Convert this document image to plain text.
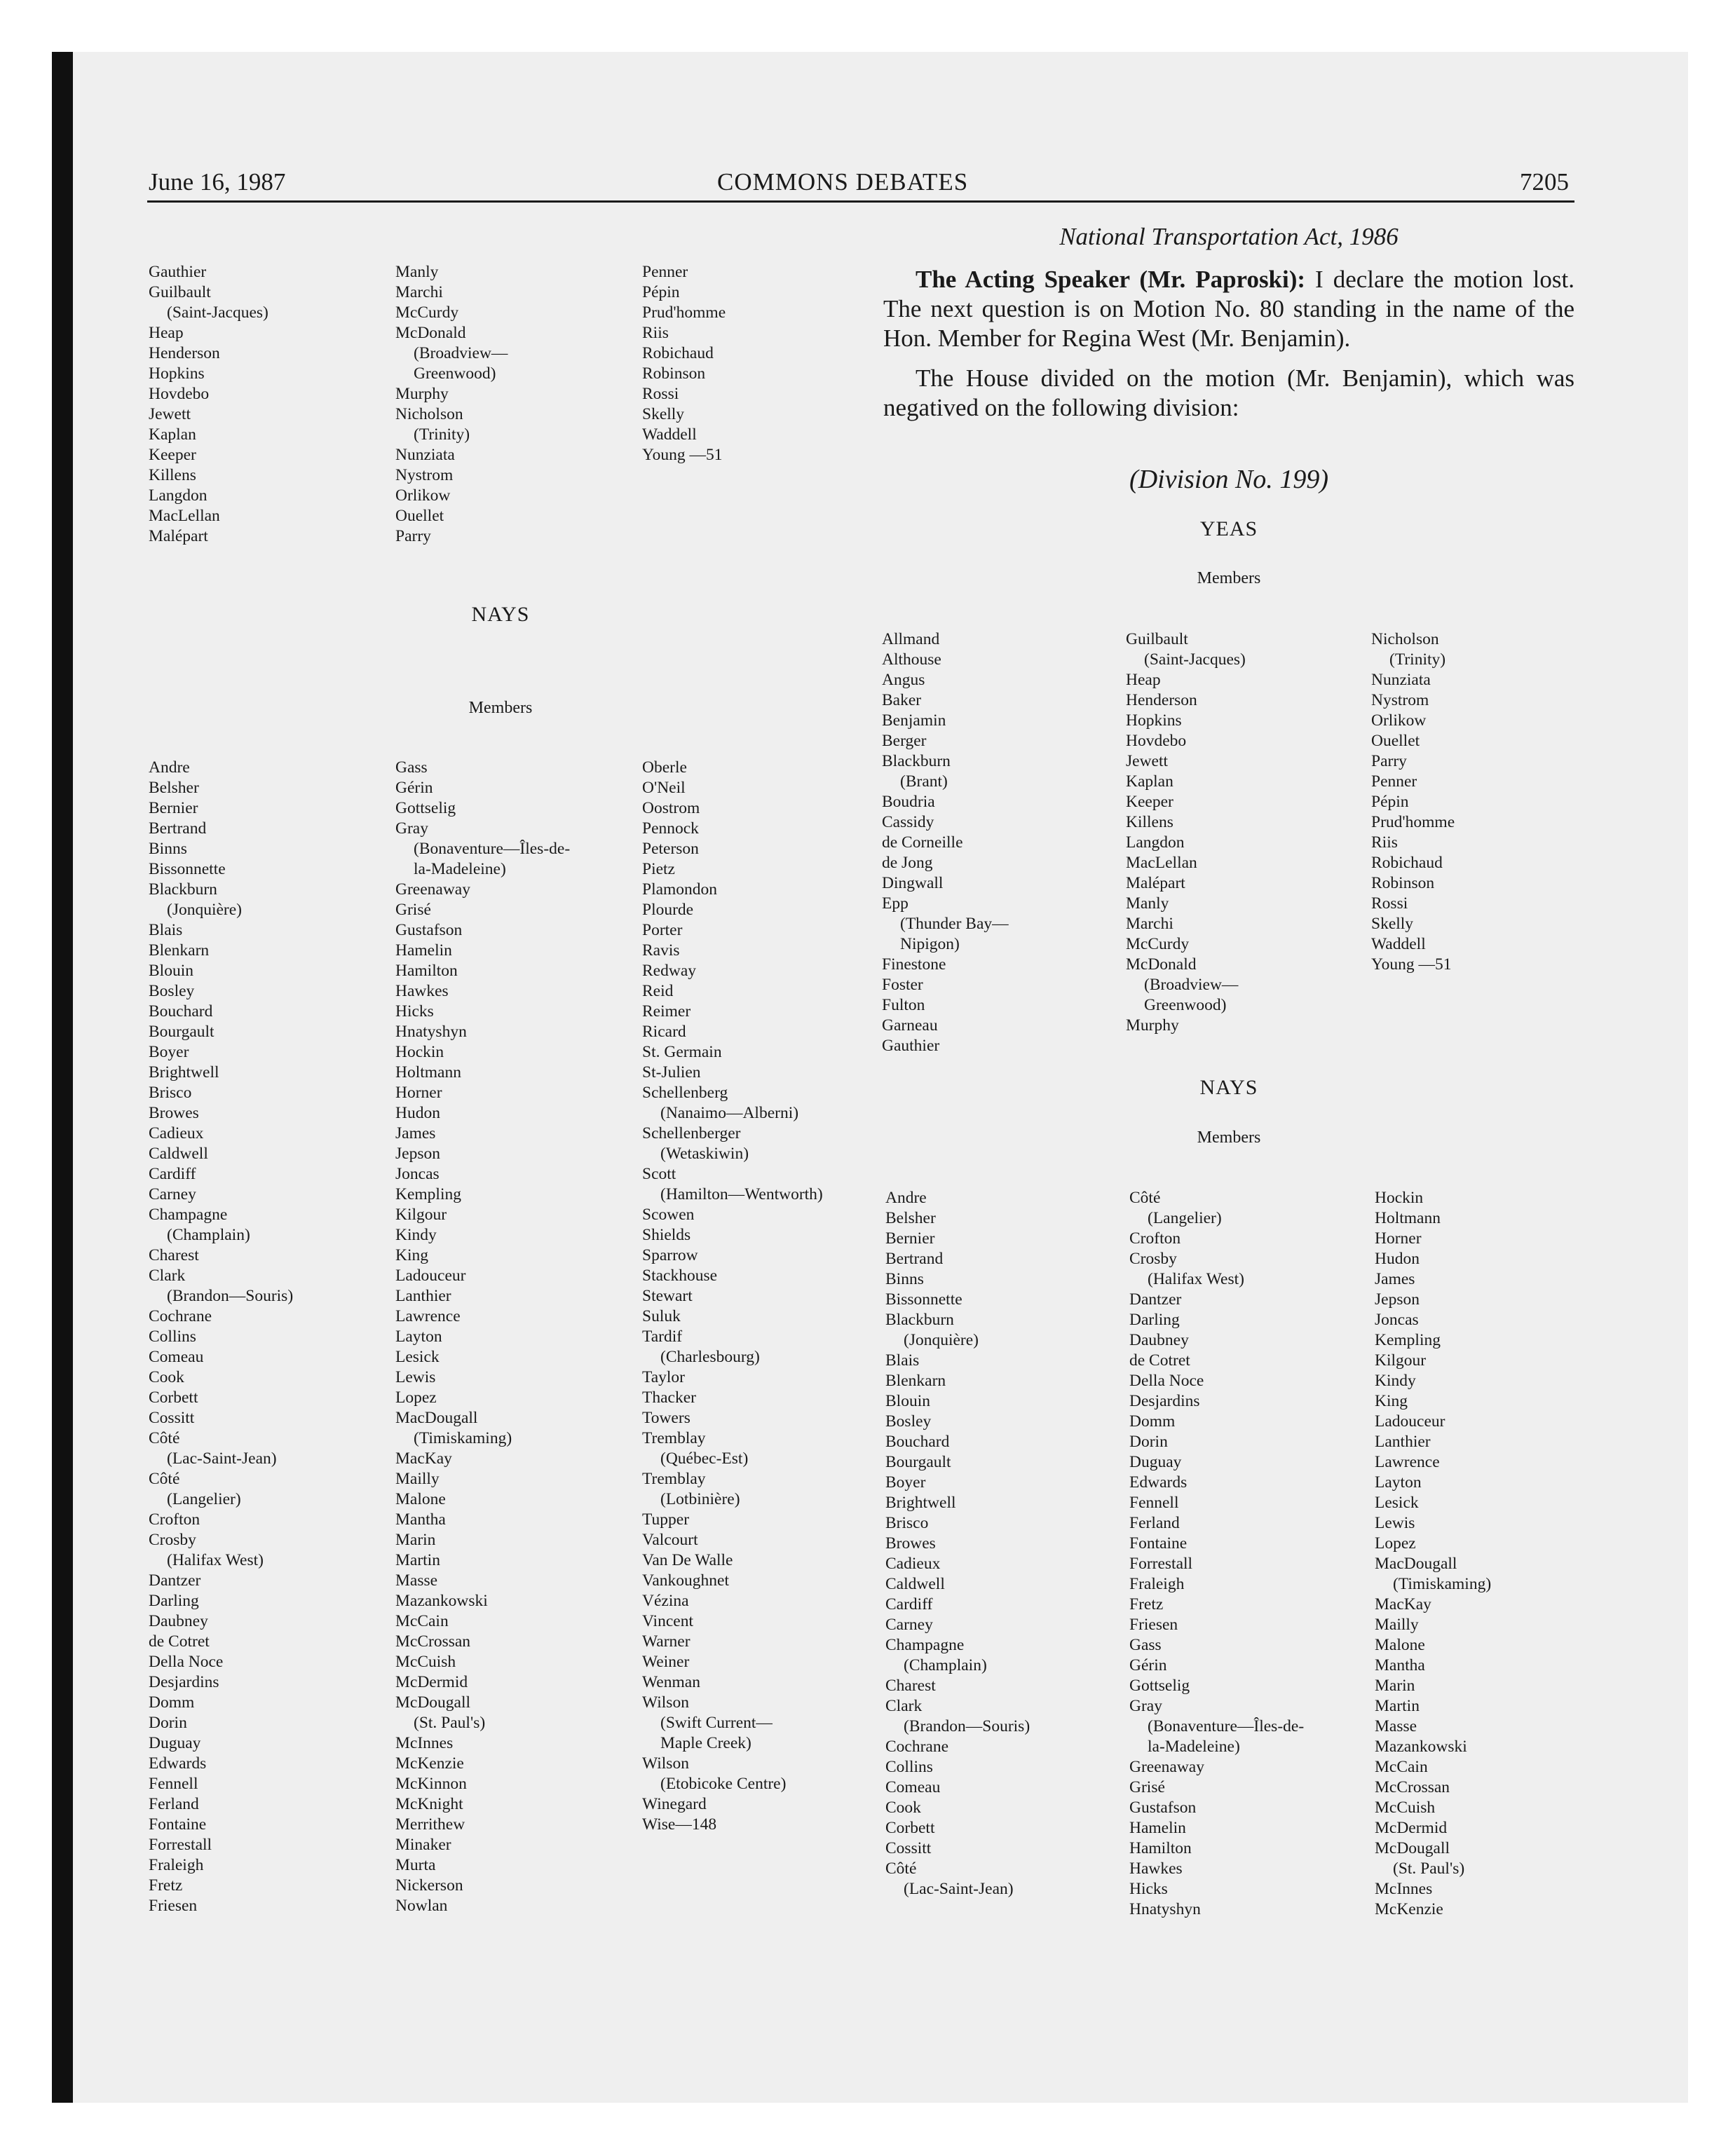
June 16, 1987	COMMONS DEBATES	7205
Gauthier
Guilbault
(Saint-Jacques)
Heap
Henderson
Hopkins
Hovdebo
Jewett
Kaplan
Keeper
Killens
Langdon
MacLellan
Malépart
Manly
Marchi
McCurdy
McDonald
(Broadview—
Greenwood)
Murphy
Nicholson
(Trinity)
Nunziata
Nystrom
Orlikow
Ouellet
Parry
Penner
Pépin
Prud'homme
Riis
Robichaud
Robinson
Rossi
Skelly
Waddell
Young —51
NAYS
Members
Andre
Belsher
Bernier
Bertrand
Binns
Bissonnette
Blackburn
(Jonquière)
Blais
Blenkarn
Blouin
Bosley
Bouchard
Bourgault
Boyer
Brightwell
Brisco
Browes
Cadieux
Caldwell
Cardiff
Carney
Champagne
(Champlain)
Charest
Clark
(Brandon—Souris)
Cochrane
Collins
Comeau
Cook
Corbett
Cossitt
Côté
(Lac-Saint-Jean)
Côté
(Langelier)
Crofton
Crosby
(Halifax West)
Dantzer
Darling
Daubney
de Cotret
Della Noce
Desjardins
Domm
Dorin
Duguay
Edwards
Fennell
Ferland
Fontaine
Forrestall
Fraleigh
Fretz
Friesen
Gass
Gérin
Gottselig
Gray
(Bonaventure—Îles-de-
la-Madeleine)
Greenaway
Grisé
Gustafson
Hamelin
Hamilton
Hawkes
Hicks
Hnatyshyn
Hockin
Holtmann
Horner
Hudon
James
Jepson
Joncas
Kempling
Kilgour
Kindy
King
Ladouceur
Lanthier
Lawrence
Layton
Lesick
Lewis
Lopez
MacDougall
(Timiskaming)
MacKay
Mailly
Malone
Mantha
Marin
Martin
Masse
Mazankowski
McCain
McCrossan
McCuish
McDermid
McDougall
(St. Paul's)
McInnes
McKenzie
McKinnon
McKnight
Merrithew
Minaker
Murta
Nickerson
Nowlan
Oberle
O'Neil
Oostrom
Pennock
Peterson
Pietz
Plamondon
Plourde
Porter
Ravis
Redway
Reid
Reimer
Ricard
St. Germain
St-Julien
Schellenberg
(Nanaimo—Alberni)
Schellenberger
(Wetaskiwin)
Scott
(Hamilton—Wentworth)
Scowen
Shields
Sparrow
Stackhouse
Stewart
Suluk
Tardif
(Charlesbourg)
Taylor
Thacker
Towers
Tremblay
(Québec-Est)
Tremblay
(Lotbinière)
Tupper
Valcourt
Van De Walle
Vankoughnet
Vézina
Vincent
Warner
Weiner
Wenman
Wilson
(Swift Current—
Maple Creek)
Wilson
(Etobicoke Centre)
Winegard
Wise—148
National Transportation Act, 1986
The Acting Speaker (Mr. Paproski): I declare the motion lost. The next question is on Motion No. 80 standing in the name of the Hon. Member for Regina West (Mr. Benjamin).
The House divided on the motion (Mr. Benjamin), which was negatived on the following division:
(Division No. 199)
YEAS
Members
Allmand
Althouse
Angus
Baker
Benjamin
Berger
Blackburn
(Brant)
Boudria
Cassidy
de Corneille
de Jong
Dingwall
Epp
(Thunder Bay—
Nipigon)
Finestone
Foster
Fulton
Garneau
Gauthier
Guilbault
(Saint-Jacques)
Heap
Henderson
Hopkins
Hovdebo
Jewett
Kaplan
Keeper
Killens
Langdon
MacLellan
Malépart
Manly
Marchi
McCurdy
McDonald
(Broadview—
Greenwood)
Murphy
Nicholson
(Trinity)
Nunziata
Nystrom
Orlikow
Ouellet
Parry
Penner
Pépin
Prud'homme
Riis
Robichaud
Robinson
Rossi
Skelly
Waddell
Young —51
NAYS
Members
Andre
Belsher
Bernier
Bertrand
Binns
Bissonnette
Blackburn
(Jonquière)
Blais
Blenkarn
Blouin
Bosley
Bouchard
Bourgault
Boyer
Brightwell
Brisco
Browes
Cadieux
Caldwell
Cardiff
Carney
Champagne
(Champlain)
Charest
Clark
(Brandon—Souris)
Cochrane
Collins
Comeau
Cook
Corbett
Cossitt
Côté
(Lac-Saint-Jean)
Côté
(Langelier)
Crofton
Crosby
(Halifax West)
Dantzer
Darling
Daubney
de Cotret
Della Noce
Desjardins
Domm
Dorin
Duguay
Edwards
Fennell
Ferland
Fontaine
Forrestall
Fraleigh
Fretz
Friesen
Gass
Gérin
Gottselig
Gray
(Bonaventure—Îles-de-
la-Madeleine)
Greenaway
Grisé
Gustafson
Hamelin
Hamilton
Hawkes
Hicks
Hnatyshyn
Hockin
Holtmann
Horner
Hudon
James
Jepson
Joncas
Kempling
Kilgour
Kindy
King
Ladouceur
Lanthier
Lawrence
Layton
Lesick
Lewis
Lopez
MacDougall
(Timiskaming)
MacKay
Mailly
Malone
Mantha
Marin
Martin
Masse
Mazankowski
McCain
McCrossan
McCuish
McDermid
McDougall
(St. Paul's)
McInnes
McKenzie
